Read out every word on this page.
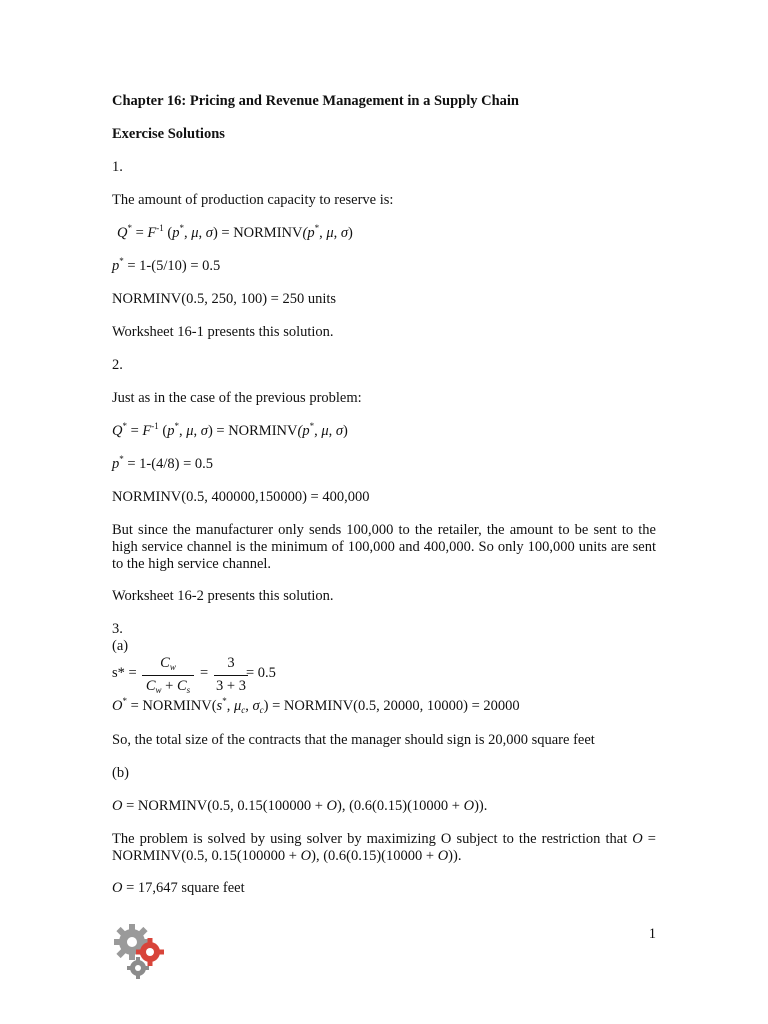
Chapter 16: Pricing and Revenue Management in a Supply Chain
Exercise Solutions
1.
The amount of production capacity to reserve is:
$Q^* = F^{-1}$ (p*, μ, σ) = NORMINV(p*, μ, σ)
p* = 1-(5/10) = 0.5
NORMINV(0.5, 250, 100) = 250 units
Worksheet 16-1 presents this solution.
2.
Just as in the case of the previous problem:
$Q^* = F^{-1}$ (p*, μ, σ) = NORMINV(p*, μ, σ)
p* = 1-(4/8) = 0.5
NORMINV(0.5, 400000,150000) = 400,000
But since the manufacturer only sends 100,000 to the retailer, the amount to be sent to the high service channel is the minimum of 100,000 and 400,000. So only 100,000 units are sent to the high service channel.
Worksheet 16-2 presents this solution.
3.
(a)
s* =
$C_w$
$C_w + C_s$
=
3
3 + 3
= 0.5
O* = NORMINV(s*, $\mu_c$, $\sigma_c$) = NORMINV(0.5, 20000, 10000) = 20000
So, the total size of the contracts that the manager should sign is 20,000 square feet
(b)
O = NORMINV(0.5, 0.15(100000 + O), (0.6(0.15)(10000 + O)).
The problem is solved by using solver by maximizing O subject to the restriction that O = NORMINV(0.5, 0.15(100000 + O), (0.6(0.15)(10000 + O)).
O = 17,647 square feet
1
